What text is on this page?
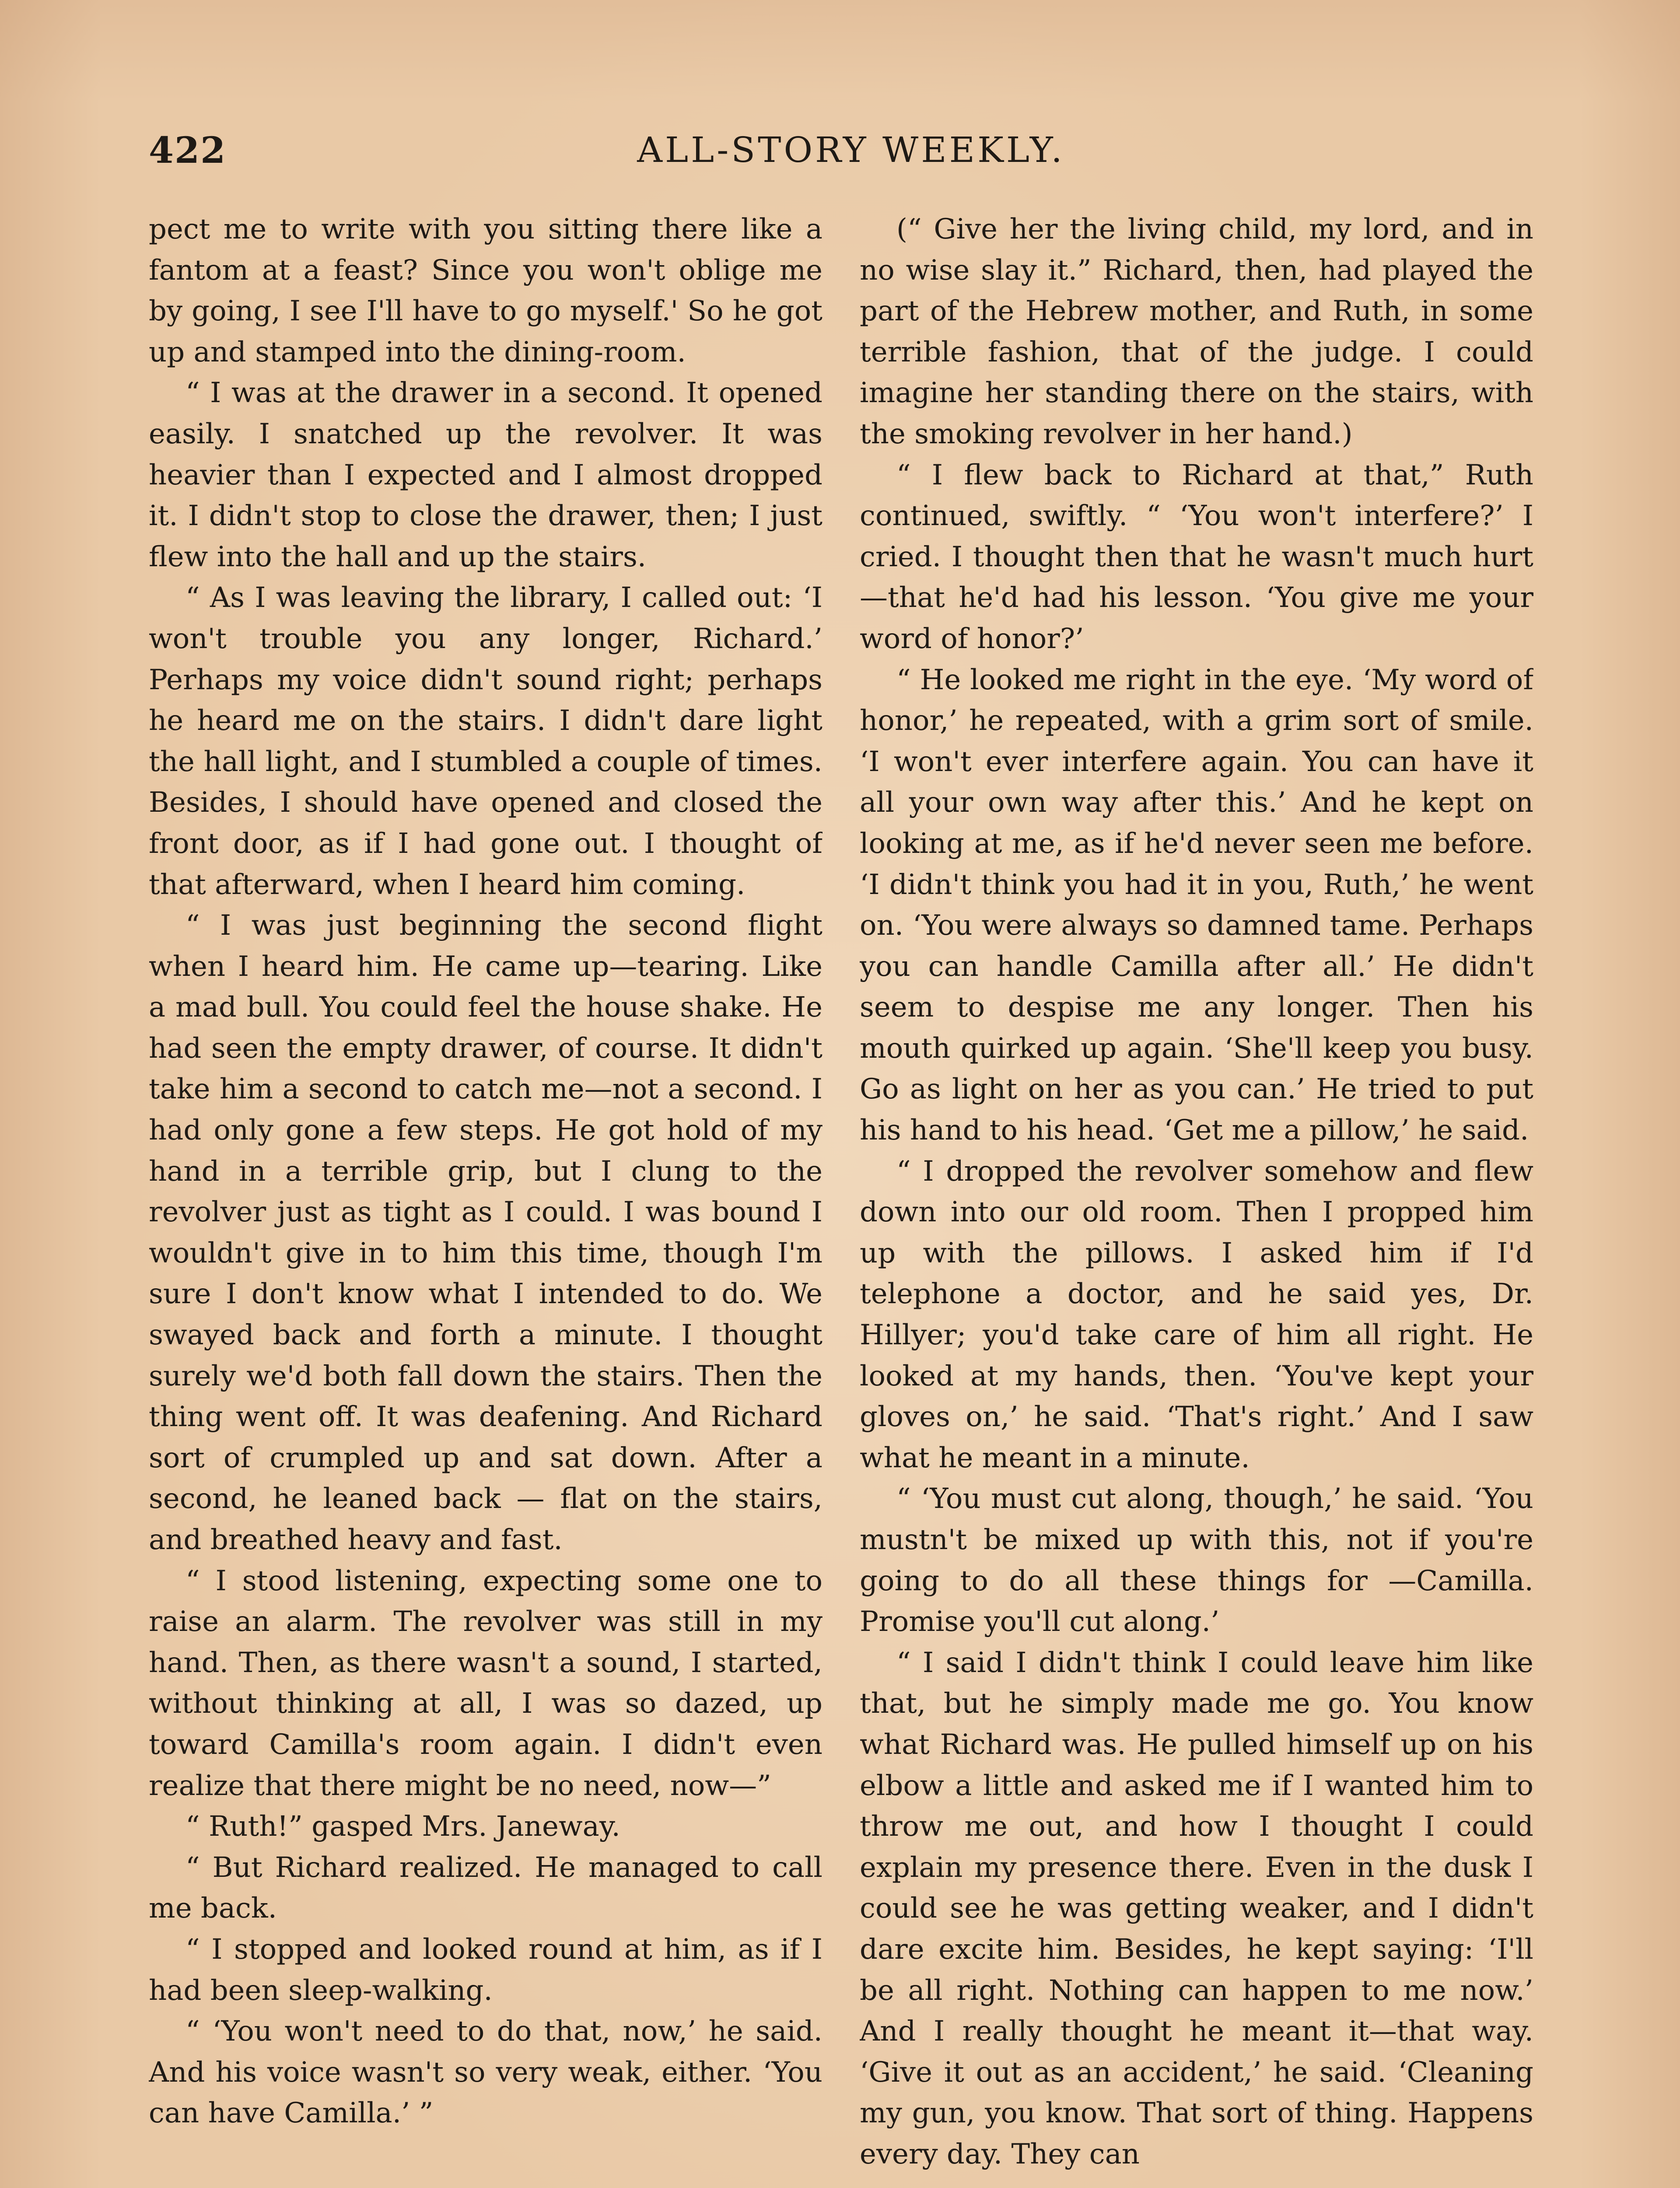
422	ALL-STORY WEEKLY.

pect me to write with you sitting there like a fantom at a feast? Since you won't oblige me by going, I see I'll have to go myself.' So he got up and stamped into the dining-room.

“ I was at the drawer in a second. It opened easily. I snatched up the revolver. It was heavier than I expected and I almost dropped it. I didn't stop to close the drawer, then; I just flew into the hall and up the stairs.

“ As I was leaving the library, I called out: ‘I won't trouble you any longer, Richard.’ Perhaps my voice didn't sound right; perhaps he heard me on the stairs. I didn't dare light the hall light, and I stumbled a couple of times. Besides, I should have opened and closed the front door, as if I had gone out. I thought of that afterward, when I heard him coming.

“ I was just beginning the second flight when I heard him. He came up—tearing. Like a mad bull. You could feel the house shake. He had seen the empty drawer, of course. It didn't take him a second to catch me—not a second. I had only gone a few steps. He got hold of my hand in a terrible grip, but I clung to the revolver just as tight as I could. I was bound I wouldn't give in to him this time, though I'm sure I don't know what I intended to do. We swayed back and forth a minute. I thought surely we'd both fall down the stairs. Then the thing went off. It was deafening. And Richard sort of crumpled up and sat down. After a second, he leaned back — flat on the stairs, and breathed heavy and fast.

“ I stood listening, expecting some one to raise an alarm. The revolver was still in my hand. Then, as there wasn't a sound, I started, without thinking at all, I was so dazed, up toward Camilla's room again. I didn't even realize that there might be no need, now—”

“ Ruth!” gasped Mrs. Janeway.

“ But Richard realized. He managed to call me back.

“ I stopped and looked round at him, as if I had been sleep-walking.

“ ‘You won't need to do that, now,’ he said. And his voice wasn't so very weak, either. ‘You can have Camilla.’ ”

(“ Give her the living child, my lord, and in no wise slay it.” Richard, then, had played the part of the Hebrew mother, and Ruth, in some terrible fashion, that of the judge. I could imagine her standing there on the stairs, with the smoking revolver in her hand.)

“ I flew back to Richard at that,” Ruth continued, swiftly. “ ‘You won't interfere?’ I cried. I thought then that he wasn't much hurt—that he'd had his lesson. ‘You give me your word of honor?’

“ He looked me right in the eye. ‘My word of honor,’ he repeated, with a grim sort of smile. ‘I won't ever interfere again. You can have it all your own way after this.’ And he kept on looking at me, as if he'd never seen me before. ‘I didn't think you had it in you, Ruth,’ he went on. ‘You were always so damned tame. Perhaps you can handle Camilla after all.’ He didn't seem to despise me any longer. Then his mouth quirked up again. ‘She'll keep you busy. Go as light on her as you can.’ He tried to put his hand to his head. ‘Get me a pillow,’ he said.

“ I dropped the revolver somehow and flew down into our old room. Then I propped him up with the pillows. I asked him if I'd telephone a doctor, and he said yes, Dr. Hillyer; you'd take care of him all right. He looked at my hands, then. ‘You've kept your gloves on,’ he said. ‘That's right.’ And I saw what he meant in a minute.

“ ‘You must cut along, though,’ he said. ‘You mustn't be mixed up with this, not if you're going to do all these things for —Camilla. Promise you'll cut along.’

“ I said I didn't think I could leave him like that, but he simply made me go. You know what Richard was. He pulled himself up on his elbow a little and asked me if I wanted him to throw me out, and how I thought I could explain my presence there. Even in the dusk I could see he was getting weaker, and I didn't dare excite him. Besides, he kept saying: ‘I'll be all right. Nothing can happen to me now.’ And I really thought he meant it—that way. ‘Give it out as an accident,’ he said. ‘Cleaning my gun, you know. That sort of thing. Happens every day. They can
